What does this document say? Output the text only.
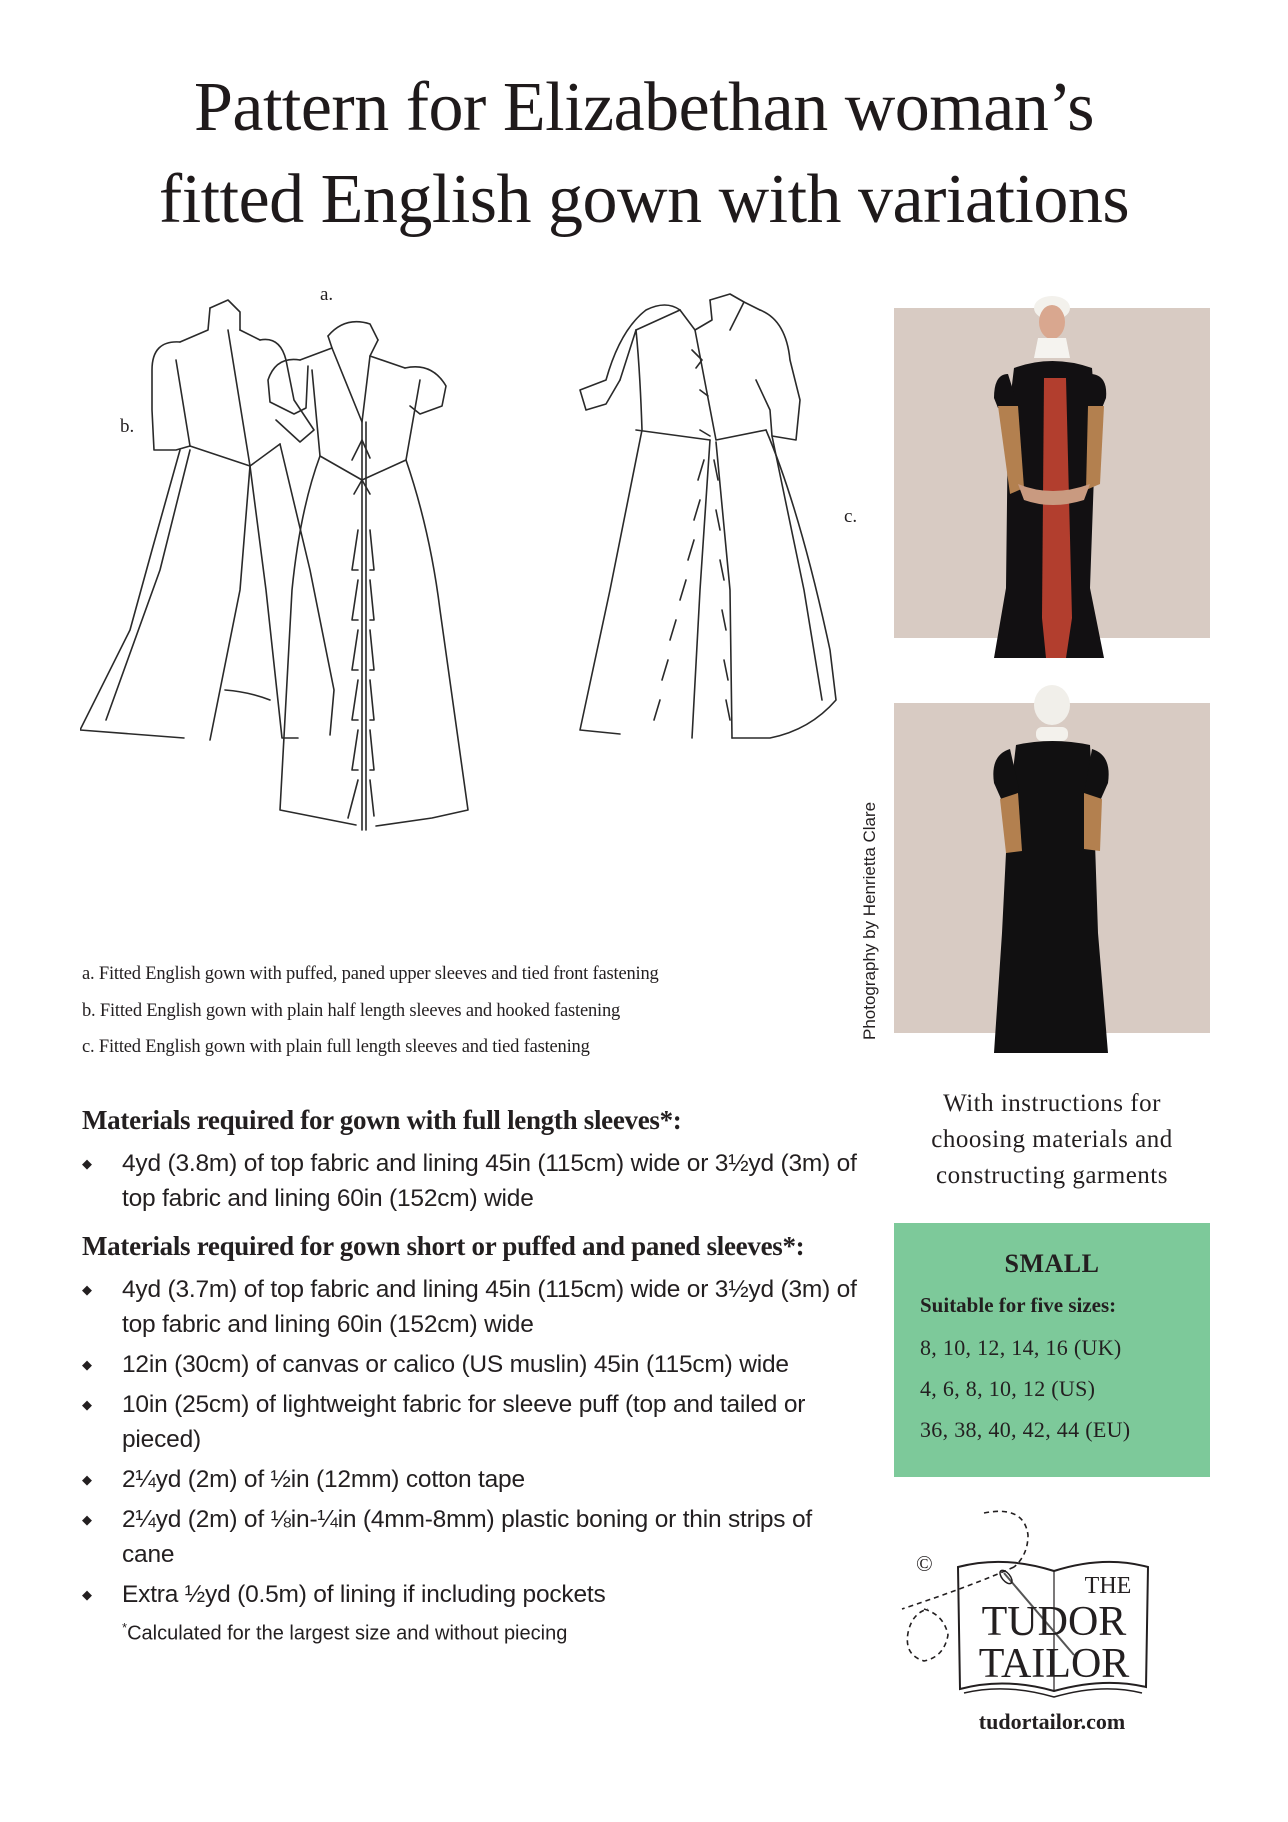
Pattern for Elizabethan woman’s
fitted English gown with variations
a.
b.
c.
a. Fitted English gown with puffed, paned upper sleeves and tied front fastening
b. Fitted English gown with plain half length sleeves and hooked fastening
c. Fitted English gown with plain full length sleeves and tied fastening
Photography by Henrietta Clare
Materials required for gown with full length sleeves*:
◆ 4yd (3.8m) of top fabric and lining 45in (115cm) wide or 3½yd (3m) of top fabric and lining 60in (152cm) wide
Materials required for gown short or puffed and paned sleeves*:
◆ 4yd (3.7m) of top fabric and lining 45in (115cm) wide or 3½yd (3m) of top fabric and lining 60in (152cm) wide
◆ 12in (30cm) of canvas or calico (US muslin) 45in (115cm) wide
◆ 10in (25cm) of lightweight fabric for sleeve puff (top and tailed or pieced)
◆ 2¼yd (2m) of ½in (12mm) cotton tape
◆ 2¼yd (2m) of ⅛in-¼in (4mm-8mm) plastic boning or thin strips of cane
◆ Extra ½yd (0.5m) of lining if including pockets
*Calculated for the largest size and without piecing
With instructions for
choosing materials and
constructing garments
SMALL
Suitable for five sizes:
8, 10, 12, 14, 16 (UK)
4, 6, 8, 10, 12 (US)
36, 38, 40, 42, 44 (EU)
©
THE
TUDOR
TAILOR
tudortailor.com
